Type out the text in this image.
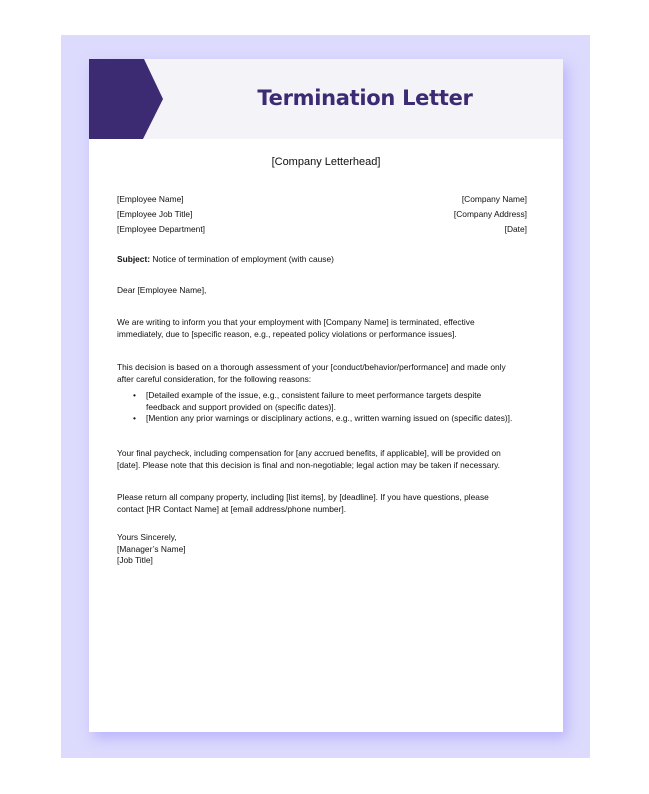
Termination Letter
[Company Letterhead]
[Employee Name]
[Employee Job Title]
[Employee Department]
[Company Name]
[Company Address]
[Date]
Subject: Notice of termination of employment (with cause)
Dear [Employee Name],
We are writing to inform you that your employment with [Company Name] is terminated, effective
immediately, due to [specific reason, e.g., repeated policy violations or performance issues].
This decision is based on a thorough assessment of your [conduct/behavior/performance] and made only
after careful consideration, for the following reasons:
• [Detailed example of the issue, e.g., consistent failure to meet performance targets despite
feedback and support provided on (specific dates)].
• [Mention any prior warnings or disciplinary actions, e.g., written warning issued on (specific dates)].
Your final paycheck, including compensation for [any accrued benefits, if applicable], will be provided on
[date]. Please note that this decision is final and non-negotiable; legal action may be taken if necessary.
Please return all company property, including [list items], by [deadline]. If you have questions, please
contact [HR Contact Name] at [email address/phone number].
Yours Sincerely,
[Manager’s Name]
[Job Title]
